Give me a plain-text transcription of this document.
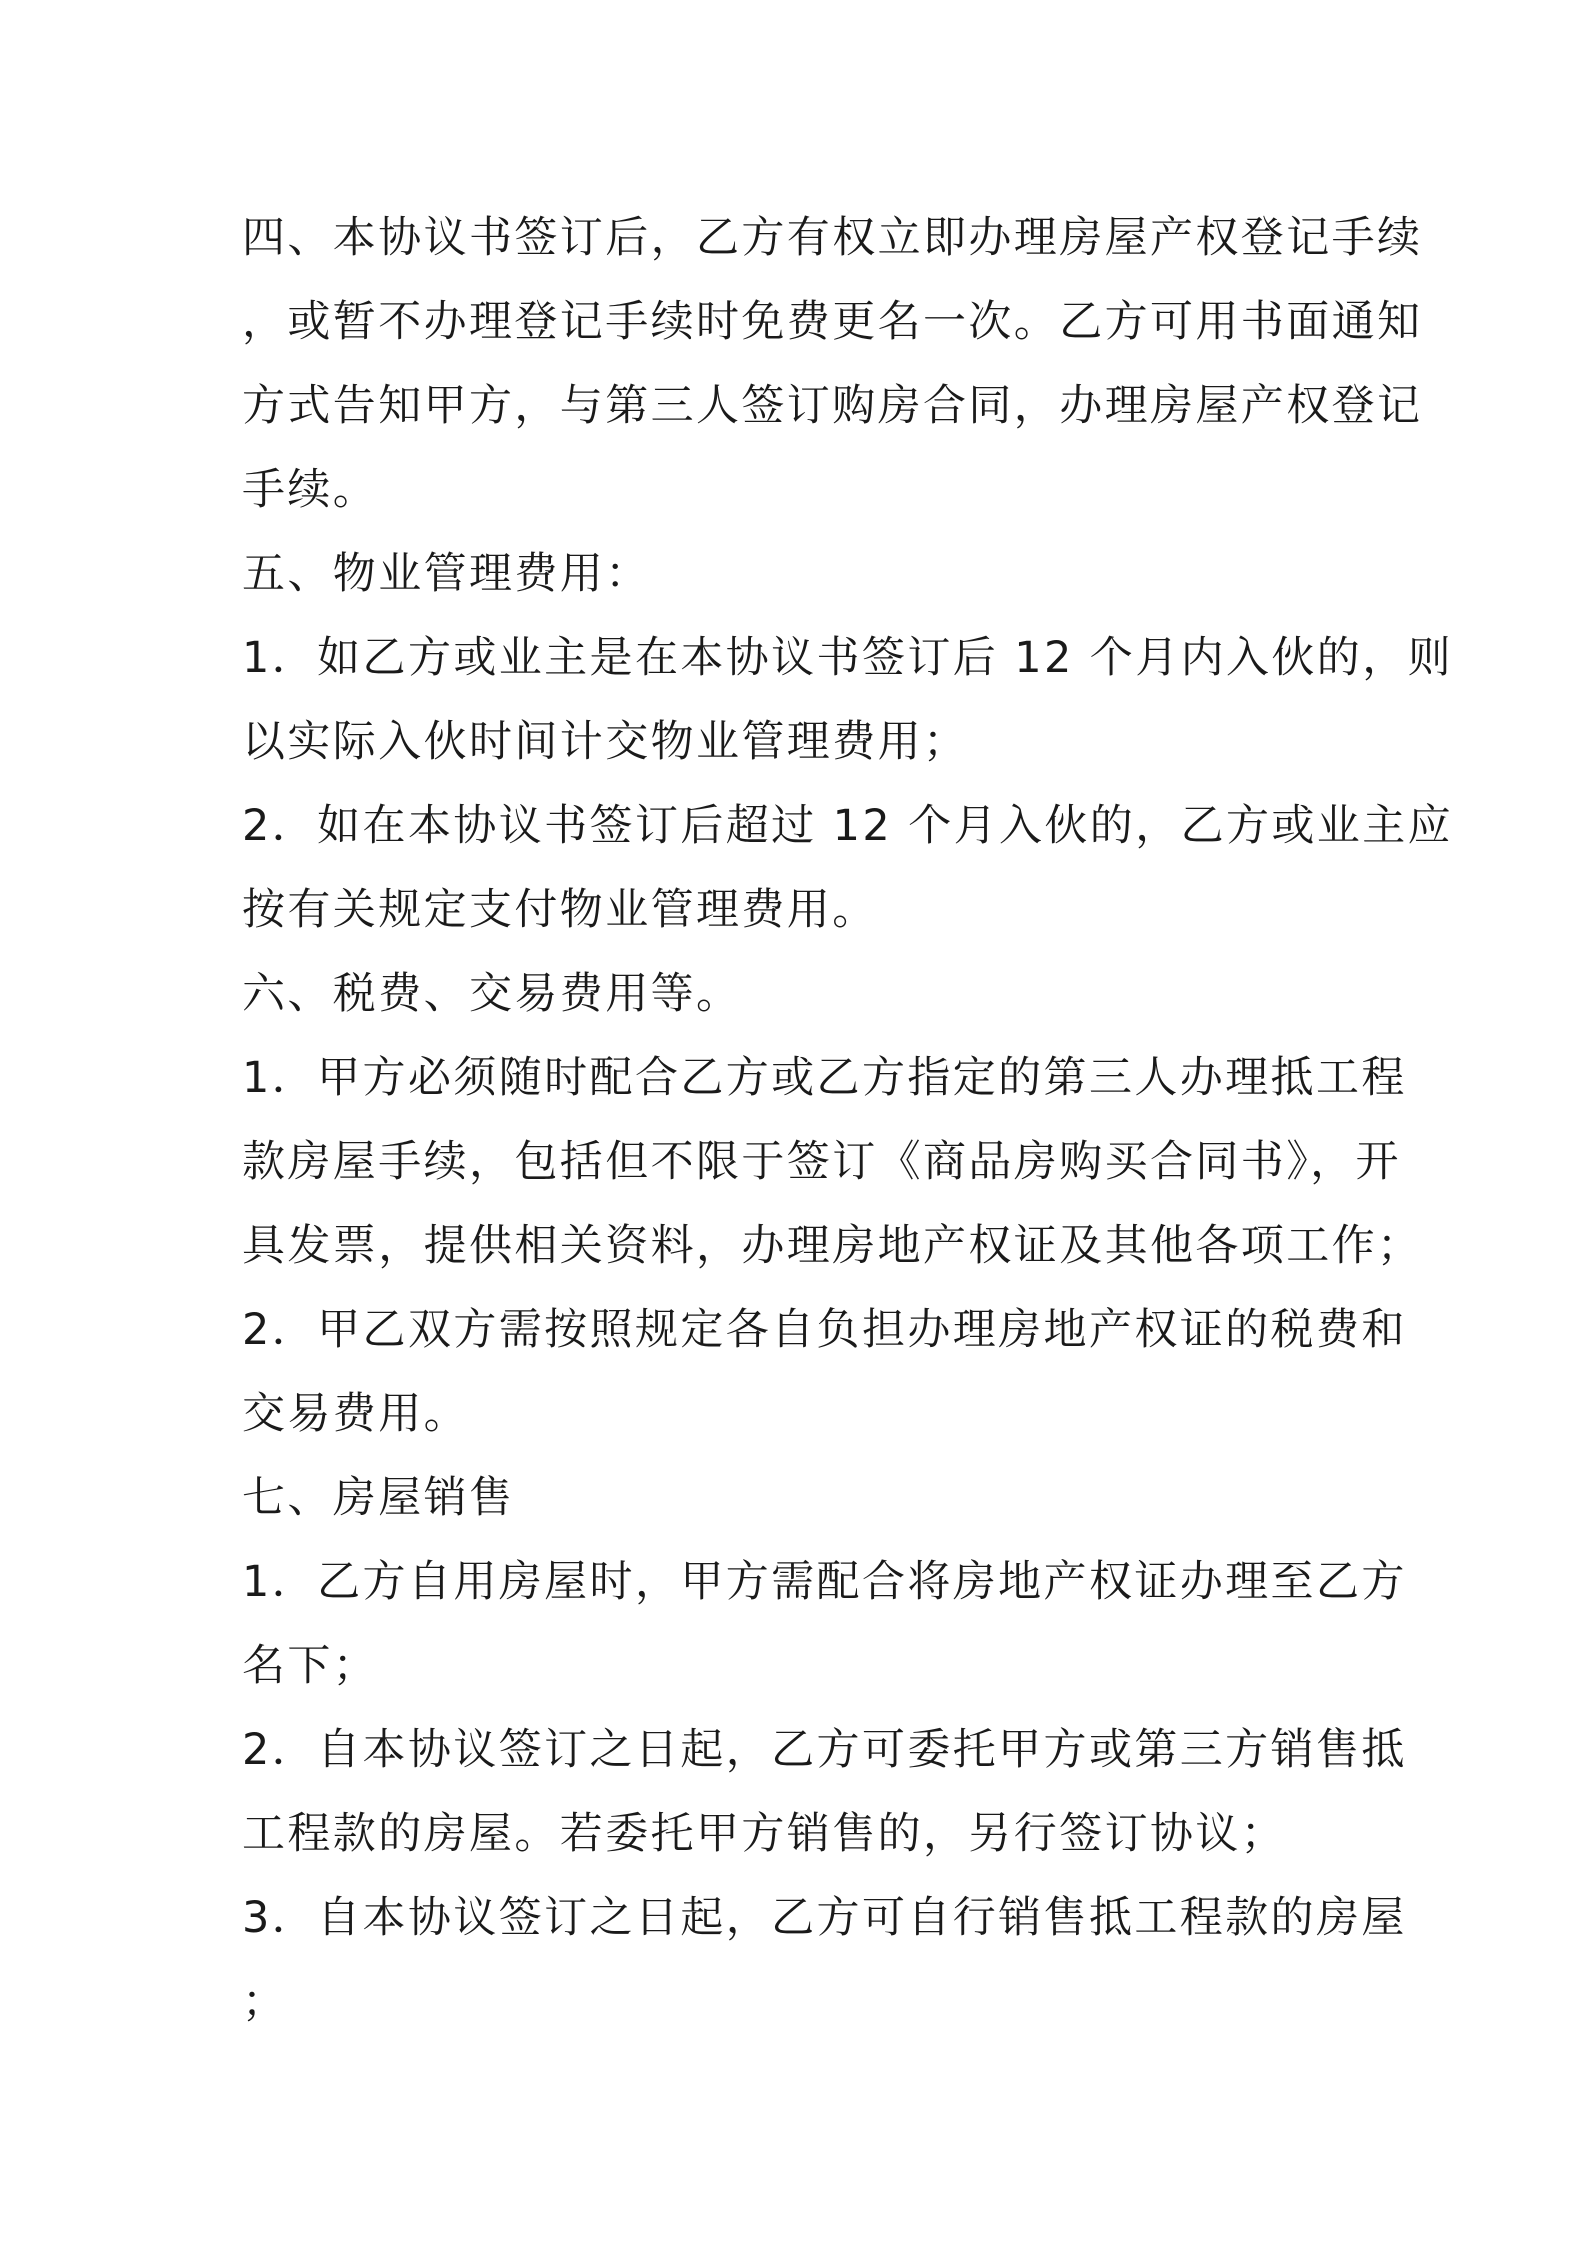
四、本协议书签订后，乙方有权立即办理房屋产权登记手续
，或暂不办理登记手续时免费更名一次。乙方可用书面通知
方式告知甲方，与第三人签订购房合同，办理房屋产权登记
手续。
五、物业管理费用：
1．如乙方或业主是在本协议书签订后 12 个月内入伙的，则
以实际入伙时间计交物业管理费用；
2．如在本协议书签订后超过 12 个月入伙的，乙方或业主应
按有关规定支付物业管理费用。
六、税费、交易费用等。
1．甲方必须随时配合乙方或乙方指定的第三人办理抵工程
款房屋手续，包括但不限于签订《商品房购买合同书》，开
具发票，提供相关资料，办理房地产权证及其他各项工作；
2．甲乙双方需按照规定各自负担办理房地产权证的税费和
交易费用。
七、房屋销售
1．乙方自用房屋时，甲方需配合将房地产权证办理至乙方
名下；
2．自本协议签订之日起，乙方可委托甲方或第三方销售抵
工程款的房屋。若委托甲方销售的，另行签订协议；
3．自本协议签订之日起，乙方可自行销售抵工程款的房屋
；
